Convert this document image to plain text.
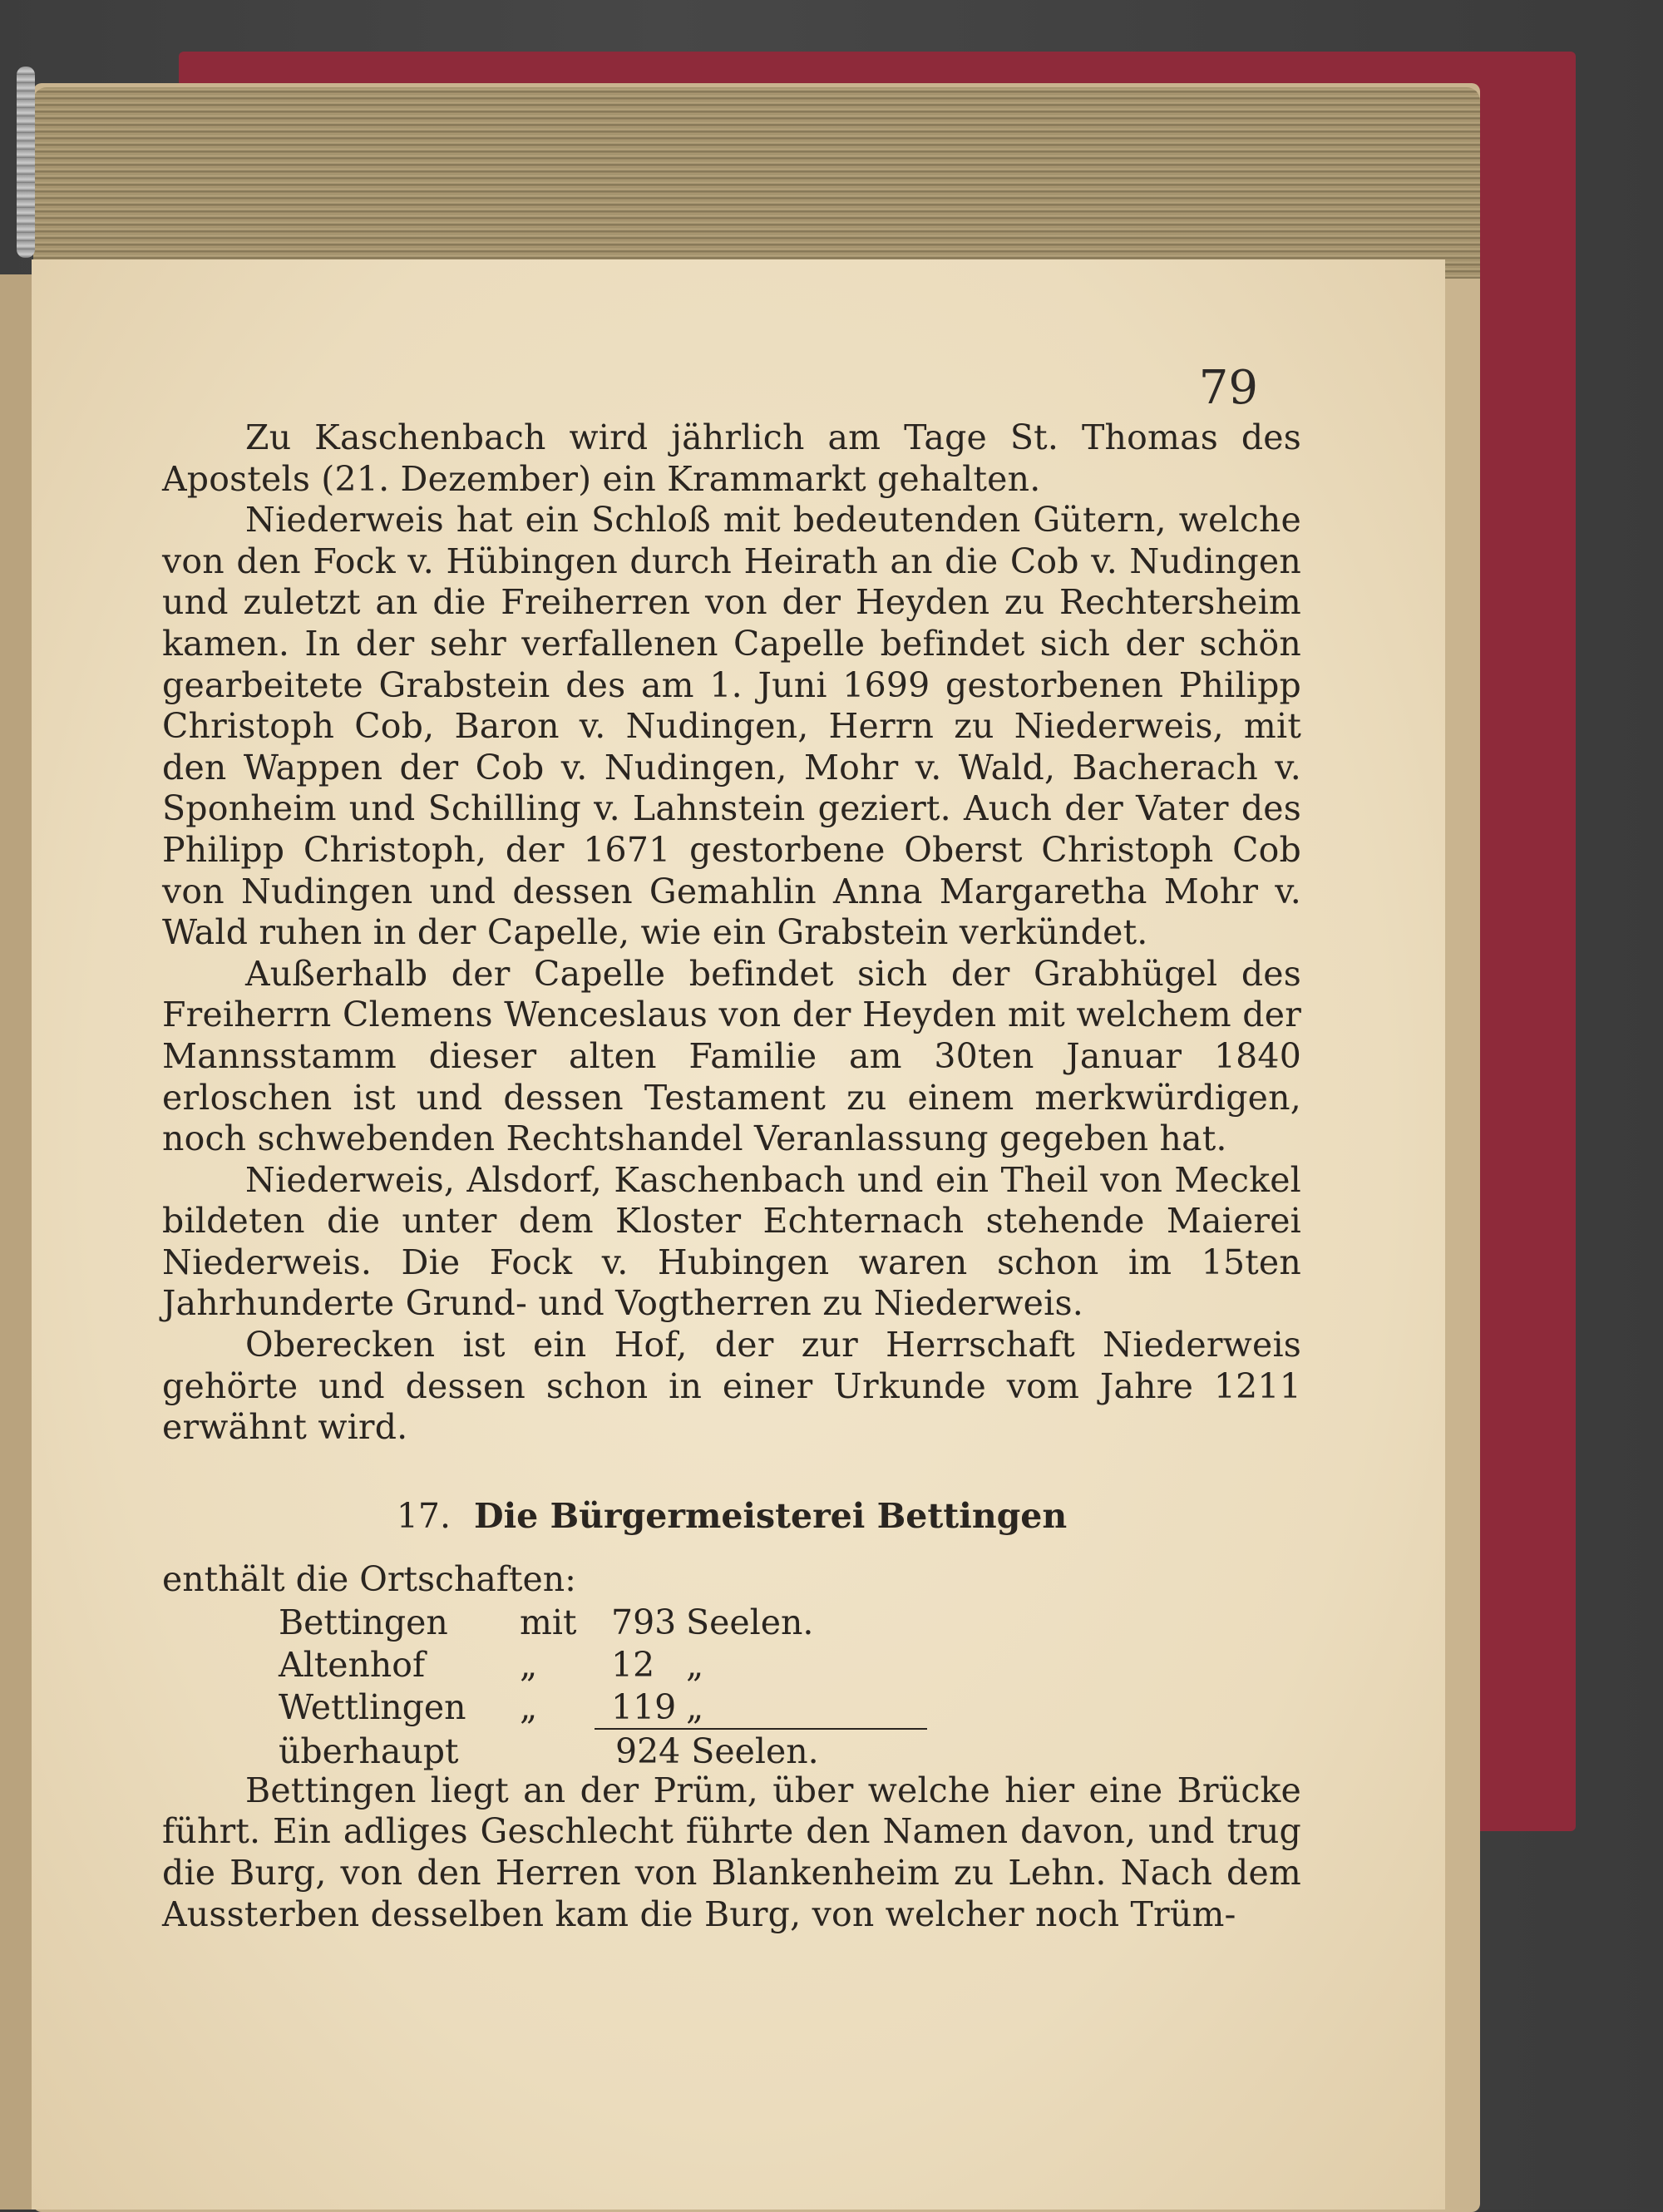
79

Zu Kaschenbach wird jährlich am Tage St. Thomas des Apostels (21. Dezember) ein Krammarkt gehalten.

Niederweis hat ein Schloß mit bedeutenden Gütern, welche von den Fock v. Hübingen durch Heirath an die Cob v. Nudingen und zuletzt an die Freiherren von der Heyden zu Rechtersheim kamen. In der sehr verfallenen Capelle befindet sich der schön gearbeitete Grabstein des am 1. Juni 1699 gestorbenen Philipp Christoph Cob, Baron v. Nudingen, Herrn zu Niederweis, mit den Wappen der Cob v. Nudingen, Mohr v. Wald, Bacherach v. Sponheim und Schilling v. Lahnstein geziert. Auch der Vater des Philipp Christoph, der 1671 gestorbene Oberst Christoph Cob von Nudingen und dessen Gemahlin Anna Margaretha Mohr v. Wald ruhen in der Capelle, wie ein Grabstein verkündet.

Außerhalb der Capelle befindet sich der Grabhügel des Freiherrn Clemens Wenceslaus von der Heyden mit welchem der Mannsstamm dieser alten Familie am 30ten Januar 1840 erloschen ist und dessen Testament zu einem merkwürdigen, noch schwebenden Rechtshandel Veranlassung gegeben hat.

Niederweis, Alsdorf, Kaschenbach und ein Theil von Meckel bildeten die unter dem Kloster Echternach stehende Maierei Niederweis. Die Fock v. Hubingen waren schon im 15ten Jahrhunderte Grund- und Vogtherren zu Niederweis.

Oberecken ist ein Hof, der zur Herrschaft Niederweis gehörte und dessen schon in einer Urkunde vom Jahre 1211 erwähnt wird.

17. Die Bürgermeisterei Bettingen
enthält die Ortschaften:
Bettingen mit 793 Seelen.
Altenhof	„ 12 „
Wettlingen „ 119 „
überhaupt	924 Seelen.

Bettingen liegt an der Prüm, über welche hier eine Brücke führt. Ein adliges Geschlecht führte den Namen davon, und trug die Burg, von den Herren von Blankenheim zu Lehn. Nach dem Aussterben desselben kam die Burg, von welcher noch Trüm-
